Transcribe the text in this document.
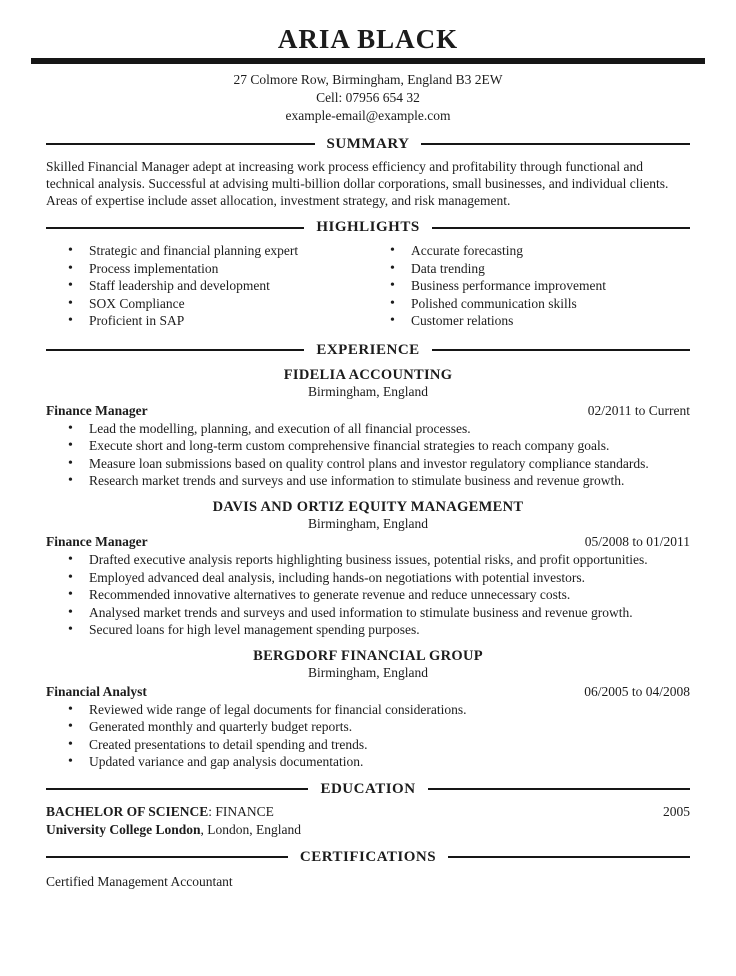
ARIA BLACK
27 Colmore Row, Birmingham, England B3 2EW
Cell: 07956 654 32
example-email@example.com
SUMMARY

Skilled Financial Manager adept at increasing work process efficiency and profitability through functional and technical analysis. Successful at advising multi-billion dollar corporations, small businesses, and individual clients. Areas of expertise include asset allocation, investment strategy, and risk management.

HIGHLIGHTS
• Strategic and financial planning expert
• Process implementation
• Staff leadership and development
• SOX Compliance
• Proficient in SAP
• Accurate forecasting
• Data trending
• Business performance improvement
• Polished communication skills
• Customer relations
EXPERIENCE
FIDELIA ACCOUNTING
Birmingham, England
Finance Manager	02/2011 to Current
• Lead the modelling, planning, and execution of all financial processes.
• Execute short and long-term custom comprehensive financial strategies to reach company goals.
• Measure loan submissions based on quality control plans and investor regulatory compliance standards.
• Research market trends and surveys and use information to stimulate business and revenue growth.
DAVIS AND ORTIZ EQUITY MANAGEMENT
Birmingham, England
Finance Manager	05/2008 to 01/2011
• Drafted executive analysis reports highlighting business issues, potential risks, and profit opportunities.
• Employed advanced deal analysis, including hands-on negotiations with potential investors.
• Recommended innovative alternatives to generate revenue and reduce unnecessary costs.
• Analysed market trends and surveys and used information to stimulate business and revenue growth.
• Secured loans for high level management spending purposes.
BERGDORF FINANCIAL GROUP
Birmingham, England
Financial Analyst	06/2005 to 04/2008
• Reviewed wide range of legal documents for financial considerations.
• Generated monthly and quarterly budget reports.
• Created presentations to detail spending and trends.
• Updated variance and gap analysis documentation.
EDUCATION
BACHELOR OF SCIENCE: FINANCE	2005
University College London, London, England
CERTIFICATIONS
Certified Management Accountant
